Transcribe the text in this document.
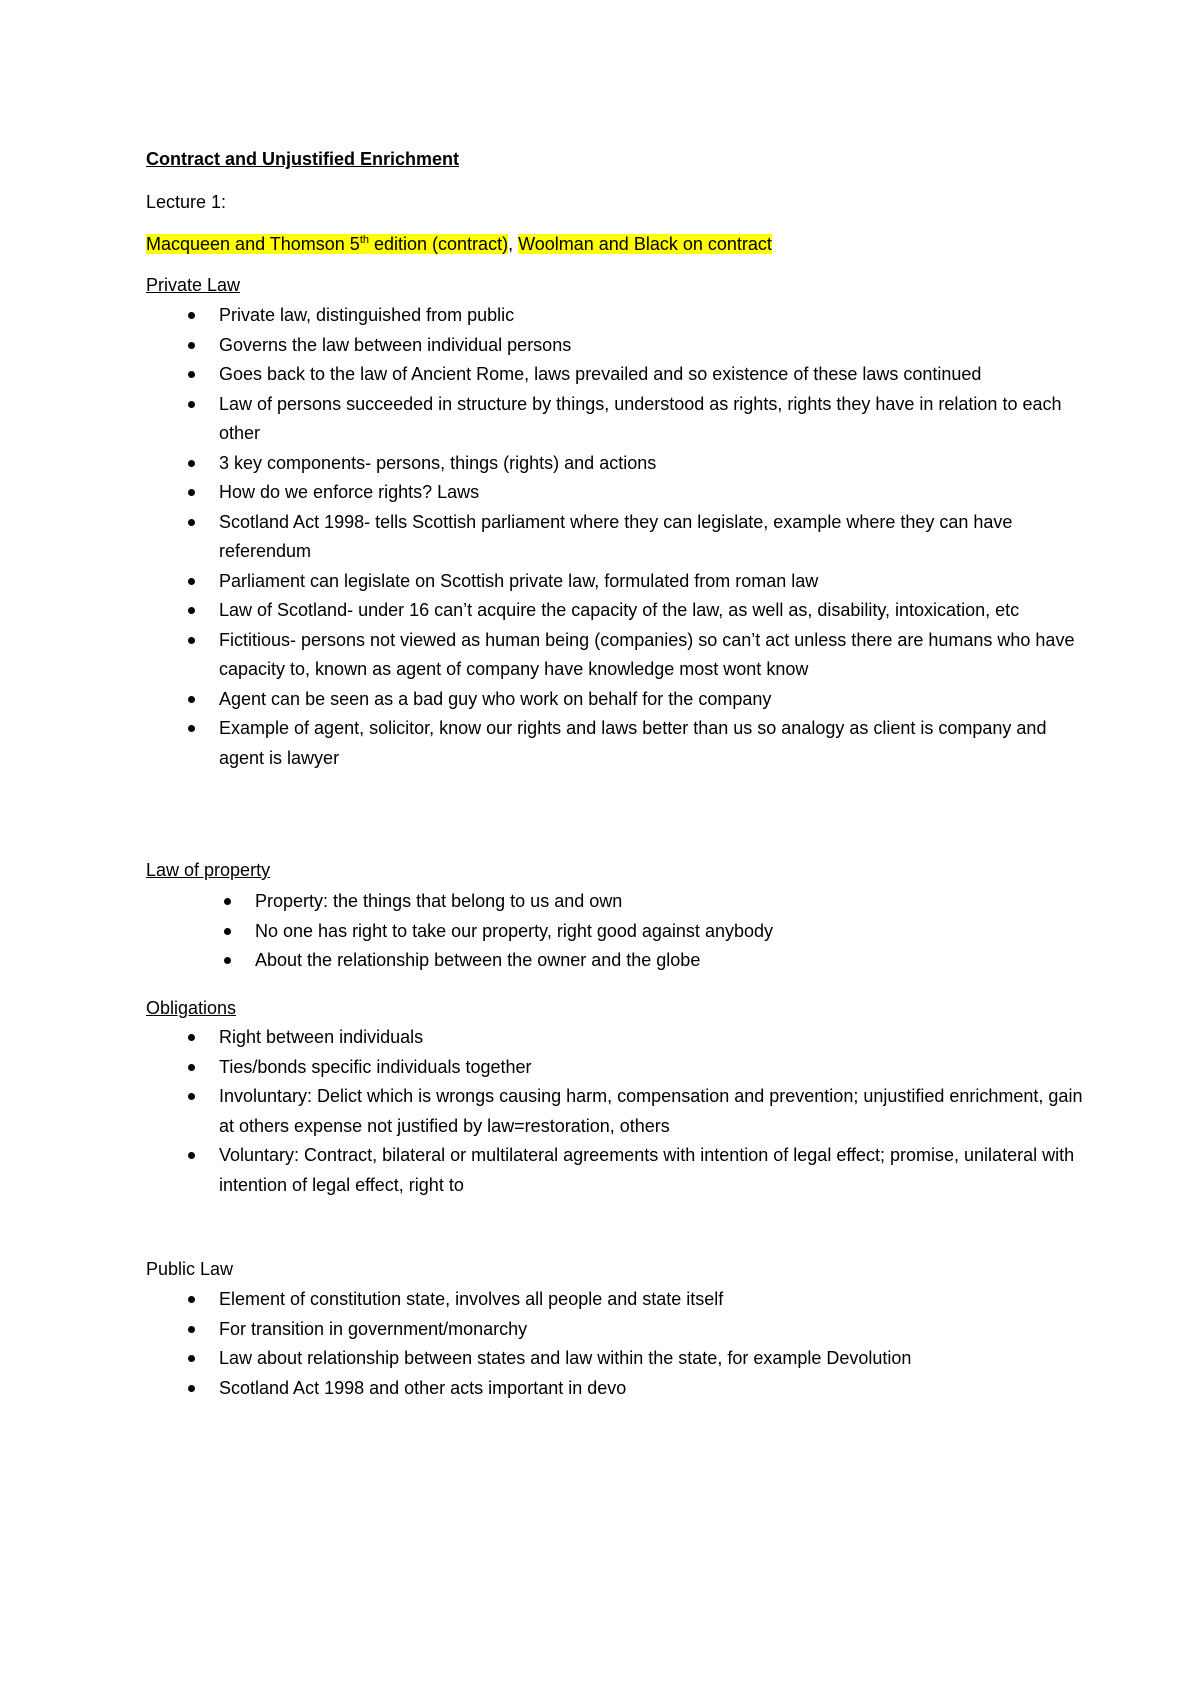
Contract and Unjustified Enrichment
Lecture 1:
Macqueen and Thomson 5th edition (contract), Woolman and Black on contract
Private Law
Private law, distinguished from public
Governs the law between individual persons
Goes back to the law of Ancient Rome, laws prevailed and so existence of these laws continued
Law of persons succeeded in structure by things, understood as rights, rights they have in relation to each other
3 key components- persons, things (rights) and actions
How do we enforce rights? Laws
Scotland Act 1998- tells Scottish parliament where they can legislate, example where they can have referendum
Parliament can legislate on Scottish private law, formulated from roman law
Law of Scotland- under 16 can’t acquire the capacity of the law, as well as, disability, intoxication, etc
Fictitious- persons not viewed as human being (companies) so can’t act unless there are humans who have capacity to, known as agent of company have knowledge most wont know
Agent can be seen as a bad guy who work on behalf for the company
Example of agent, solicitor, know our rights and laws better than us so analogy as client is company and agent is lawyer
Law of property
Property: the things that belong to us and own
No one has right to take our property, right good against anybody
About the relationship between the owner and the globe
Obligations
Right between individuals
Ties/bonds specific individuals together
Involuntary: Delict which is wrongs causing harm, compensation and prevention; unjustified enrichment, gain at others expense not justified by law=restoration, others
Voluntary: Contract, bilateral or multilateral agreements with intention of legal effect; promise, unilateral with intention of legal effect, right to
Public Law
Element of constitution state, involves all people and state itself
For transition in government/monarchy
Law about relationship between states and law within the state, for example Devolution
Scotland Act 1998 and other acts important in devo
